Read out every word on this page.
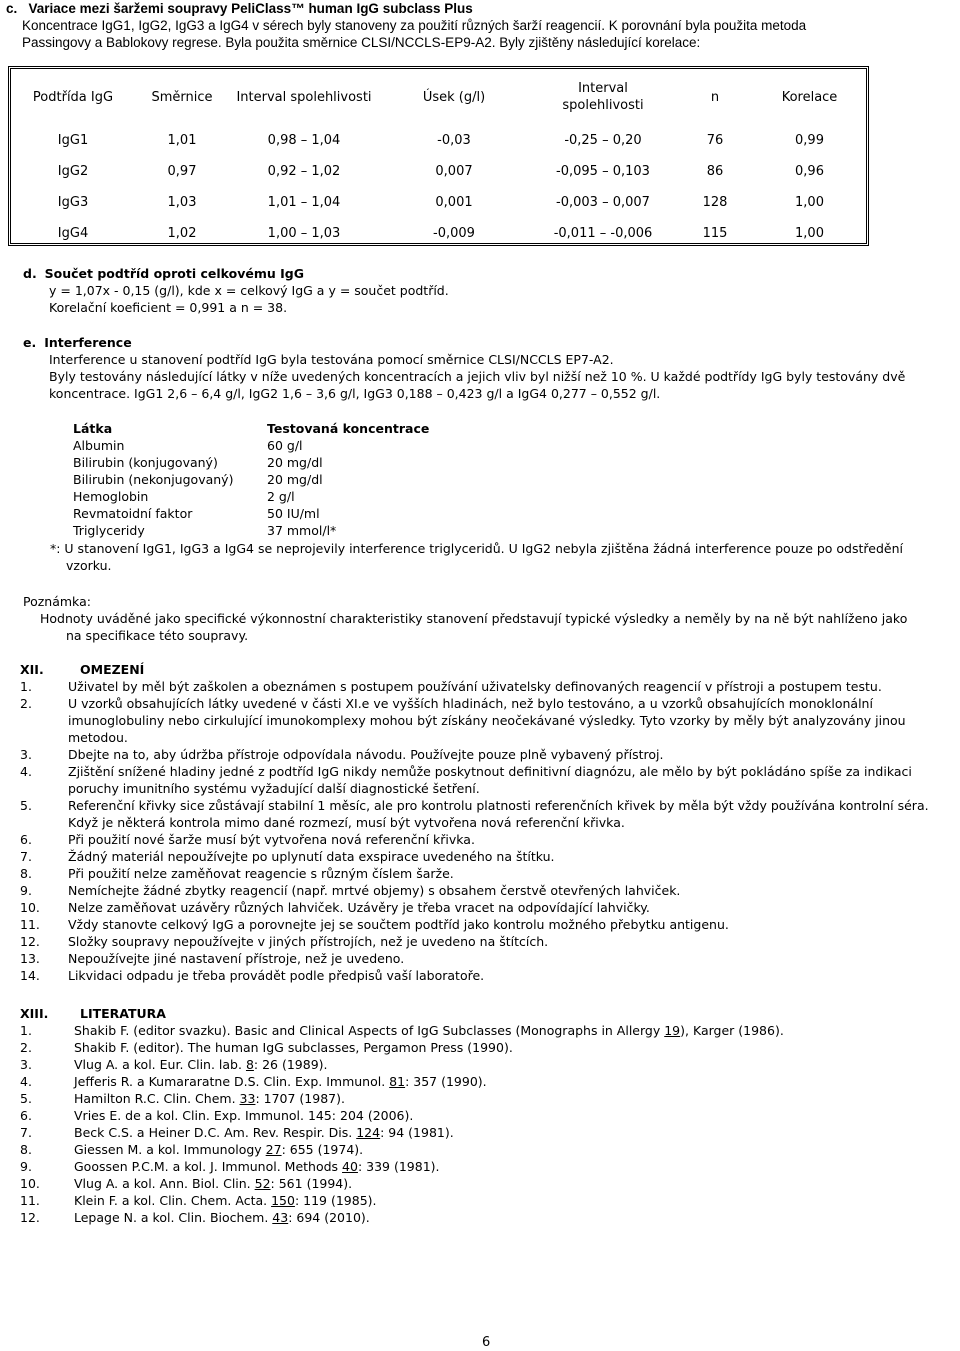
c. Variace mezi šaržemi soupravy PeliClass™ human IgG subclass Plus
Koncentrace IgG1, IgG2, IgG3 a IgG4 v sérech byly stanoveny za použití různých šarží reagencií. K porovnání byla použita metoda
Passingovy a Bablokovy regrese. Byla použita směrnice CLSI/NCCLS-EP9-A2. Byly zjištěny následující korelace:
Podtřída IgG	Směrnice	Interval spolehlivosti	Úsek (g/l)	Interval
spolehlivosti	n	Korelace
IgG1	1,01	0,98 – 1,04	-0,03	-0,25 – 0,20	76	0,99
IgG2	0,97	0,92 – 1,02	0,007	-0,095 – 0,103	86	0,96
IgG3	1,03	1,01 – 1,04	0,001	-0,003 – 0,007	128	1,00
IgG4	1,02	1,00 – 1,03	-0,009	-0,011 – -0,006	115	1,00
d. Součet podtříd oproti celkovému IgG
y = 1,07x - 0,15 (g/l), kde x = celkový IgG a y = součet podtříd.
Korelační koeficient = 0,991 a n = 38.
e. Interference
Interference u stanovení podtříd IgG byla testována pomocí směrnice CLSI/NCCLS EP7-A2.
Byly testovány následující látky v níže uvedených koncentracích a jejich vliv byl nižší než 10 %. U každé podtřídy IgG byly testovány dvě
koncentrace. IgG1 2,6 – 6,4 g/l, IgG2 1,6 – 3,6 g/l, IgG3 0,188 – 0,423 g/l a IgG4 0,277 – 0,552 g/l.
Látka	Testovaná koncentrace
Albumin	60 g/l
Bilirubin (konjugovaný)	20 mg/dl
Bilirubin (nekonjugovaný)	20 mg/dl
Hemoglobin	2 g/l
Revmatoidní faktor	50 IU/ml
Triglyceridy	37 mmol/l*
*: U stanovení IgG1, IgG3 a IgG4 se neprojevily interference triglyceridů. U IgG2 nebyla zjištěna žádná interference pouze po odstředění
vzorku.
Poznámka:
Hodnoty uváděné jako specifické výkonnostní charakteristiky stanovení představují typické výsledky a neměly by na ně být nahlíženo jako
na specifikace této soupravy.
XII.	OMEZENÍ
1.	Uživatel by měl být zaškolen a obeznámen s postupem používání uživatelsky definovaných reagencií v přístroji a postupem testu.
2.	U vzorků obsahujících látky uvedené v části XI.e ve vyšších hladinách, než bylo testováno, a u vzorků obsahujících monoklonální
imunoglobuliny nebo cirkulující imunokomplexy mohou být získány neočekávané výsledky. Tyto vzorky by měly být analyzovány jinou
metodou.
3.	Dbejte na to, aby údržba přístroje odpovídala návodu. Používejte pouze plně vybavený přístroj.
4.	Zjištění snížené hladiny jedné z podtříd IgG nikdy nemůže poskytnout definitivní diagnózu, ale mělo by být pokládáno spíše za indikaci
poruchy imunitního systému vyžadující další diagnostické šetření.
5.	Referenční křivky sice zůstávají stabilní 1 měsíc, ale pro kontrolu platnosti referenčních křivek by měla být vždy používána kontrolní séra.
Když je některá kontrola mimo dané rozmezí, musí být vytvořena nová referenční křivka.
6.	Při použití nové šarže musí být vytvořena nová referenční křivka.
7.	Žádný materiál nepoužívejte po uplynutí data exspirace uvedeného na štítku.
8.	Při použití nelze zaměňovat reagencie s různým číslem šarže.
9.	Nemíchejte žádné zbytky reagencií (např. mrtvé objemy) s obsahem čerstvě otevřených lahviček.
10.	Nelze zaměňovat uzávěry různých lahviček. Uzávěry je třeba vracet na odpovídající lahvičky.
11.	Vždy stanovte celkový IgG a porovnejte jej se součtem podtříd jako kontrolu možného přebytku antigenu.
12.	Složky soupravy nepoužívejte v jiných přístrojích, než je uvedeno na štítcích.
13.	Nepoužívejte jiné nastavení přístroje, než je uvedeno.
14.	Likvidaci odpadu je třeba provádět podle předpisů vaší laboratoře.
XIII.	LITERATURA
1.	Shakib F. (editor svazku). Basic and Clinical Aspects of IgG Subclasses (Monographs in Allergy 19), Karger (1986).
2.	Shakib F. (editor). The human IgG subclasses, Pergamon Press (1990).
3.	Vlug A. a kol. Eur. Clin. lab. 8: 26 (1989).
4.	Jefferis R. a Kumararatne D.S. Clin. Exp. Immunol. 81: 357 (1990).
5.	Hamilton R.C. Clin. Chem. 33: 1707 (1987).
6.	Vries E. de a kol. Clin. Exp. Immunol. 145: 204 (2006).
7.	Beck C.S. a Heiner D.C. Am. Rev. Respir. Dis. 124: 94 (1981).
8.	Giessen M. a kol. Immunology 27: 655 (1974).
9.	Goossen P.C.M. a kol. J. Immunol. Methods 40: 339 (1981).
10.	Vlug A. a kol. Ann. Biol. Clin. 52: 561 (1994).
11.	Klein F. a kol. Clin. Chem. Acta. 150: 119 (1985).
12.	Lepage N. a kol. Clin. Biochem. 43: 694 (2010).
6
